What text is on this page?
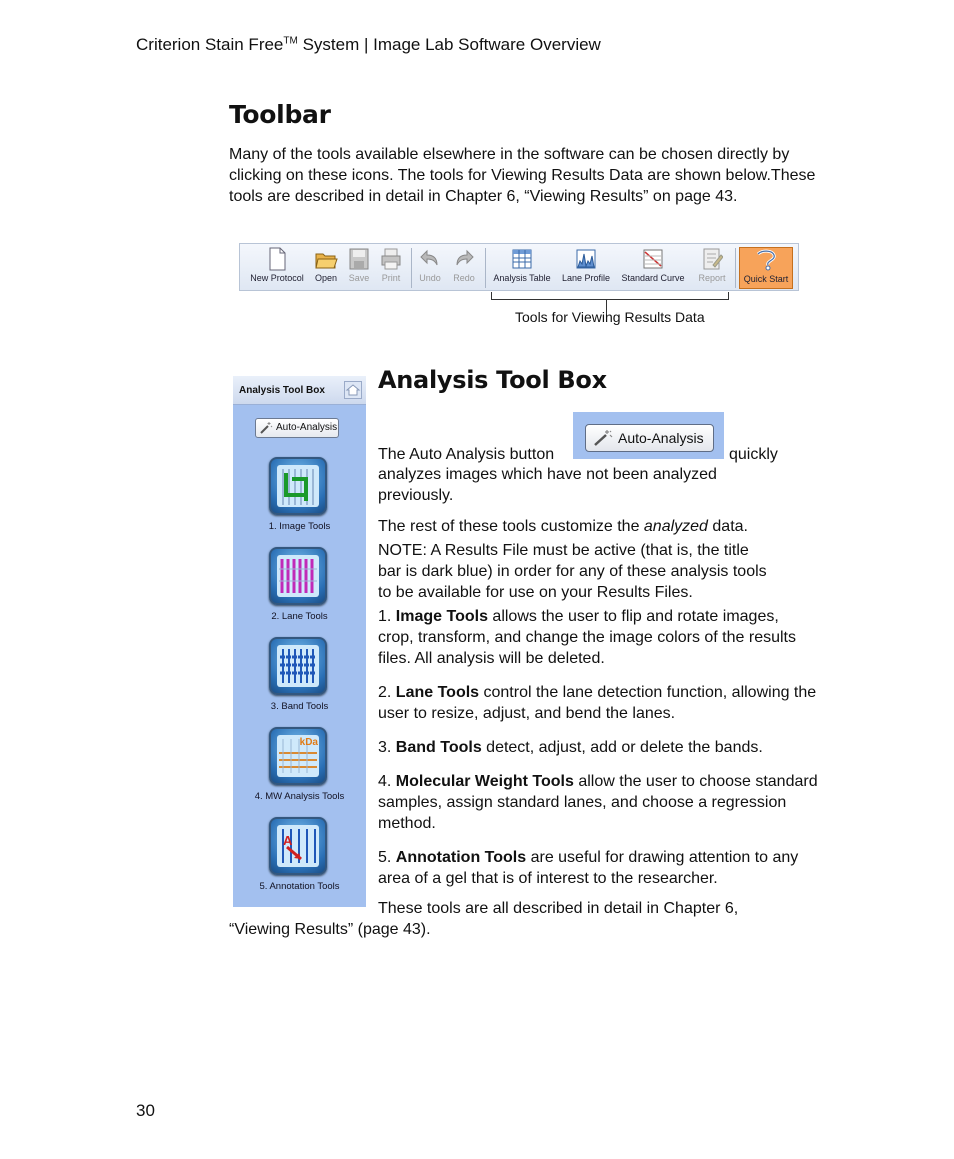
Criterion Stain Free™ System | Image Lab Software Overview
Toolbar

Many of the tools available elsewhere in the software can be chosen directly by clicking on these icons. The tools for Viewing Results Data are shown below.These tools are described in detail in Chapter 6, “Viewing Results” on page 43.

New Protocol	Open	Save	Print	Undo	Redo	Analysis Table	Lane Profile	Standard Curve	Report	Quick Start
Tools for Viewing Results Data
Analysis Tool Box
Auto-Analysis
1. Image Tools
2. Lane Tools
3. Band Tools
kDa
4. MW Analysis Tools
A
5. Annotation Tools
Analysis Tool Box
Auto-Analysis

The Auto Analysis button	quickly

analyzes images which have not been analyzed previously.

The rest of these tools customize the analyzed data.

NOTE: A Results File must be active (that is, the title bar is dark blue) in order for any of these analysis tools to be available for use on your Results Files.

1. Image Tools allows the user to flip and rotate images, crop, transform, and change the image colors of the results files. All analysis will be deleted.

2. Lane Tools control the lane detection function, allowing the user to resize, adjust, and bend the lanes.

3. Band Tools detect, adjust, add or delete the bands.

4. Molecular Weight Tools allow the user to choose standard samples, assign standard lanes, and choose a regression method.

5. Annotation Tools are useful for drawing attention to any area of a gel that is of interest to the researcher.

These tools are all described in detail in Chapter 6,

“Viewing Results” (page 43).

30
